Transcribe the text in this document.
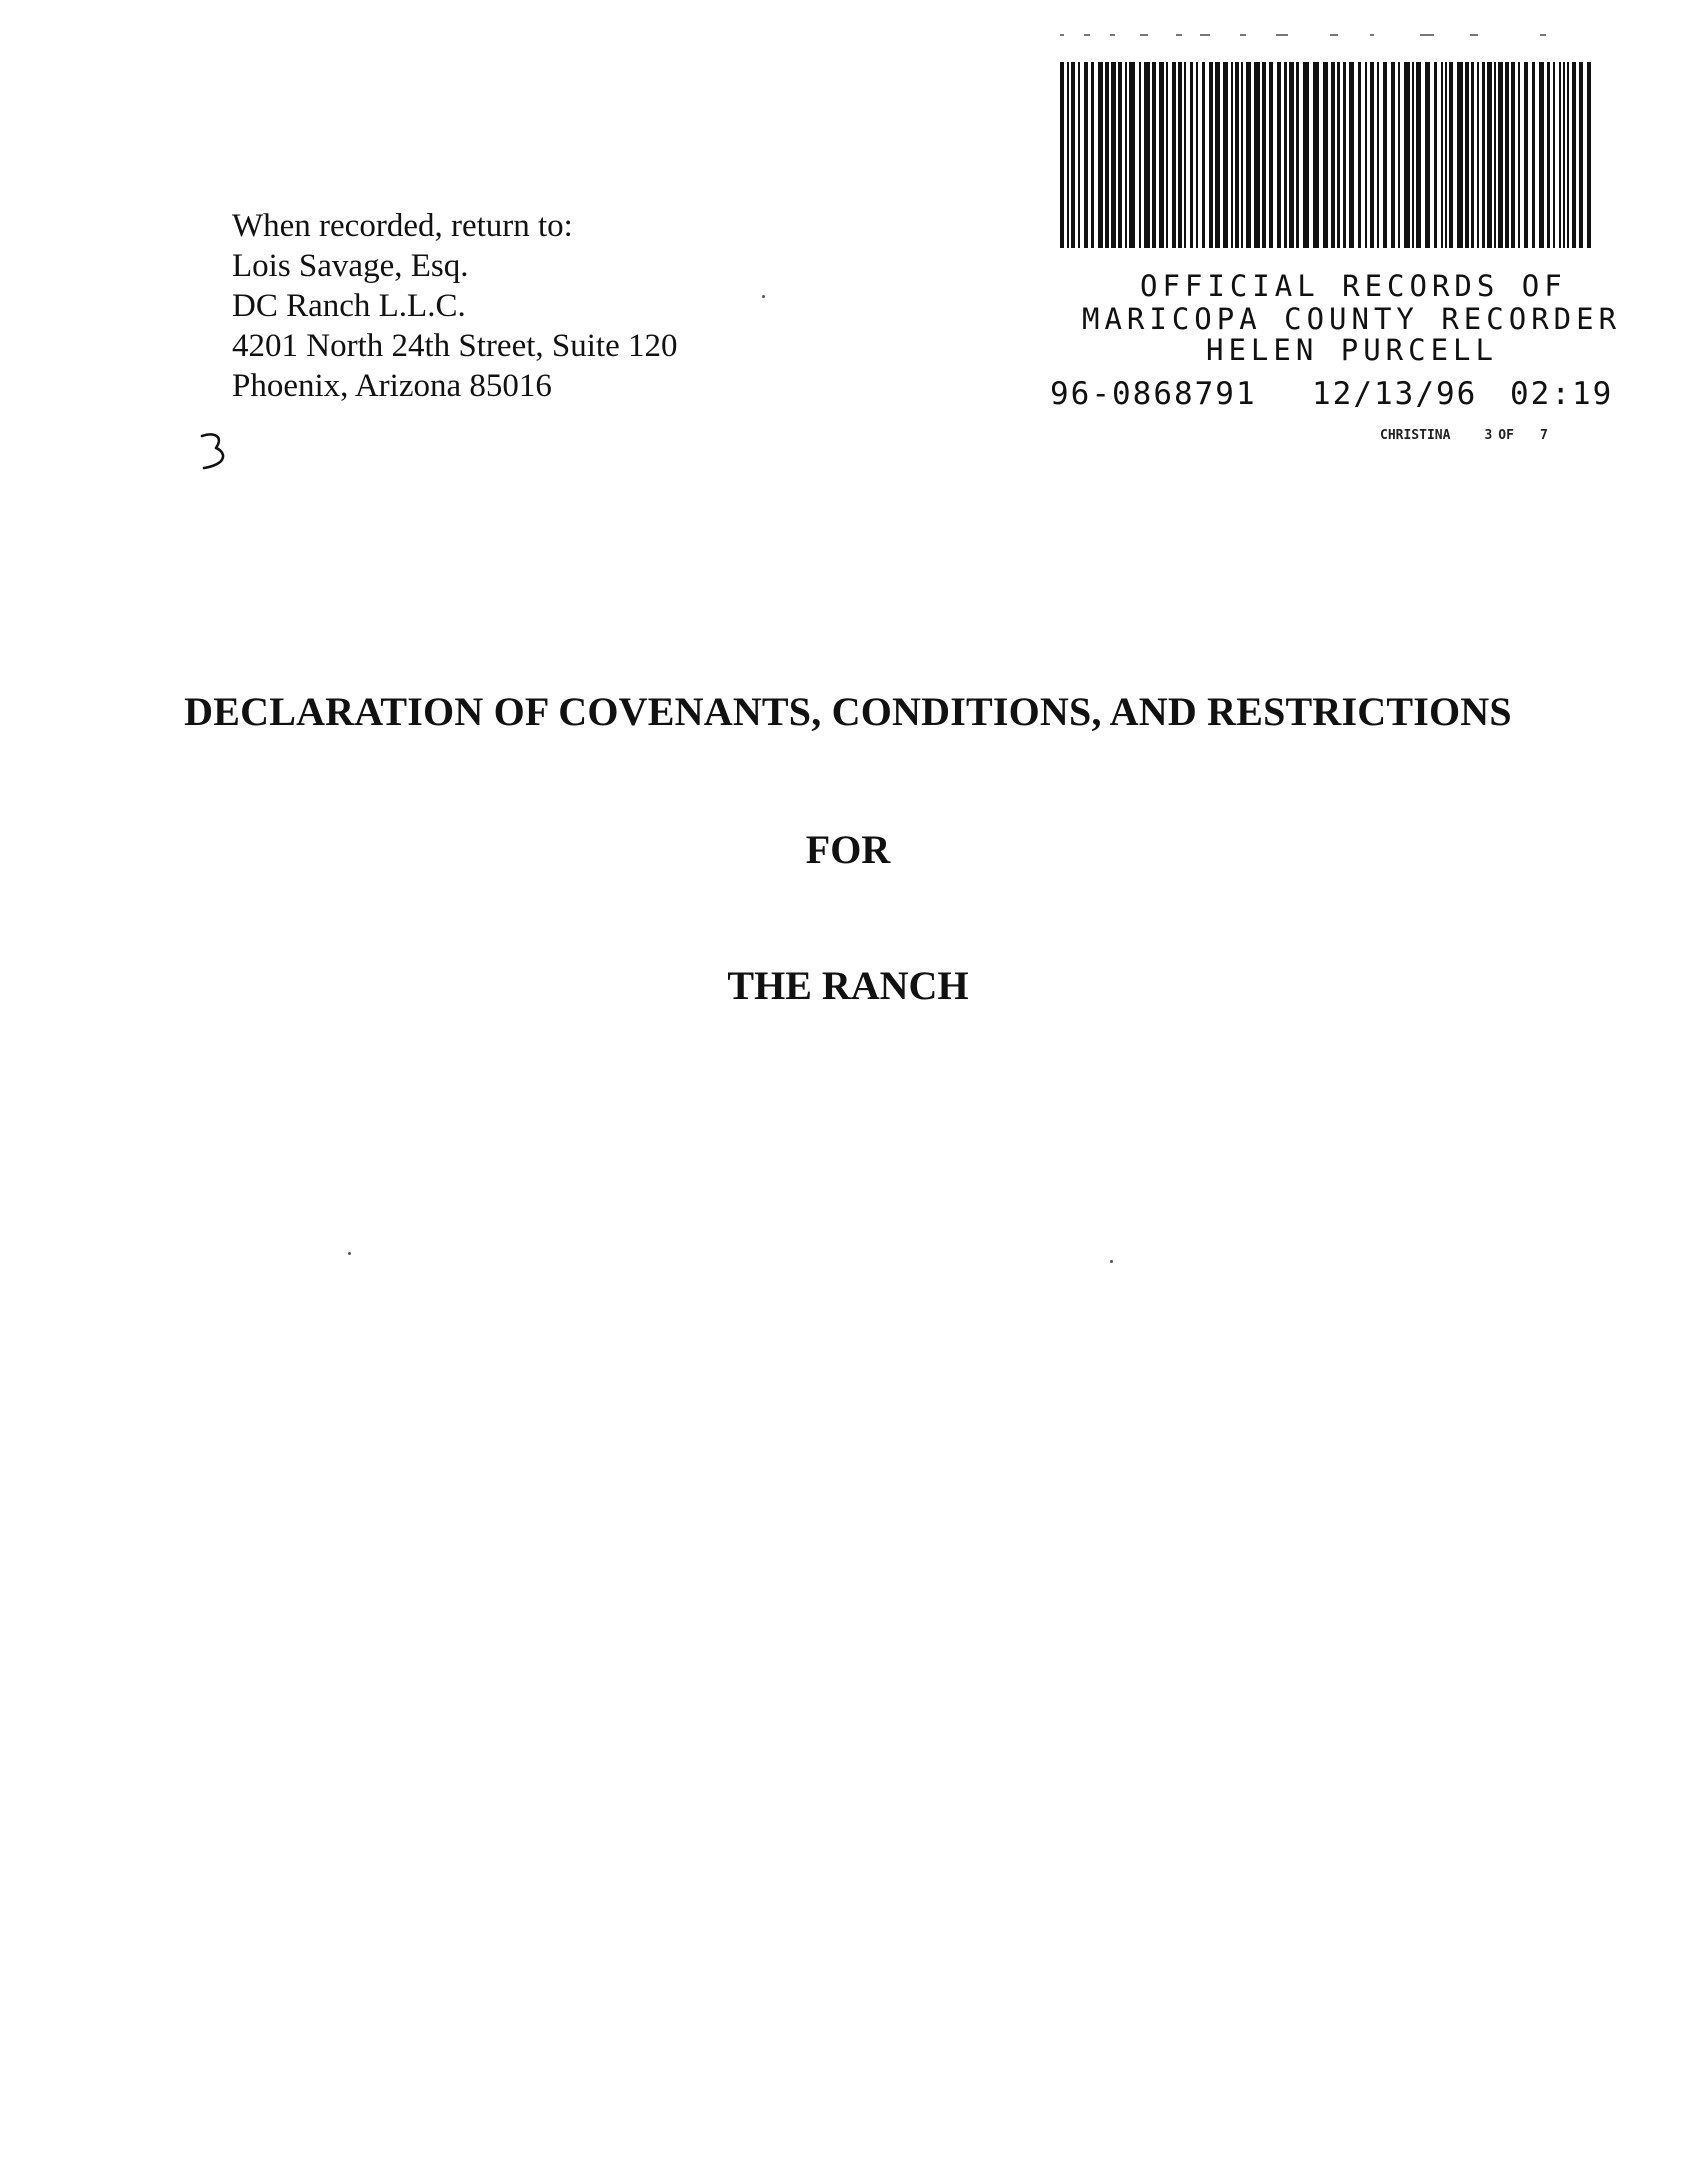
When recorded, return to:
Lois Savage, Esq.
DC Ranch L.L.C.
4201 North 24th Street, Suite 120
Phoenix, Arizona 85016
OFFICIAL RECORDS OF
MARICOPA COUNTY RECORDER
HELEN PURCELL
96-0868791 12/13/96 02:19
CHRISTINA	3 OF 7
DECLARATION OF COVENANTS, CONDITIONS, AND RESTRICTIONS
FOR
THE RANCH
